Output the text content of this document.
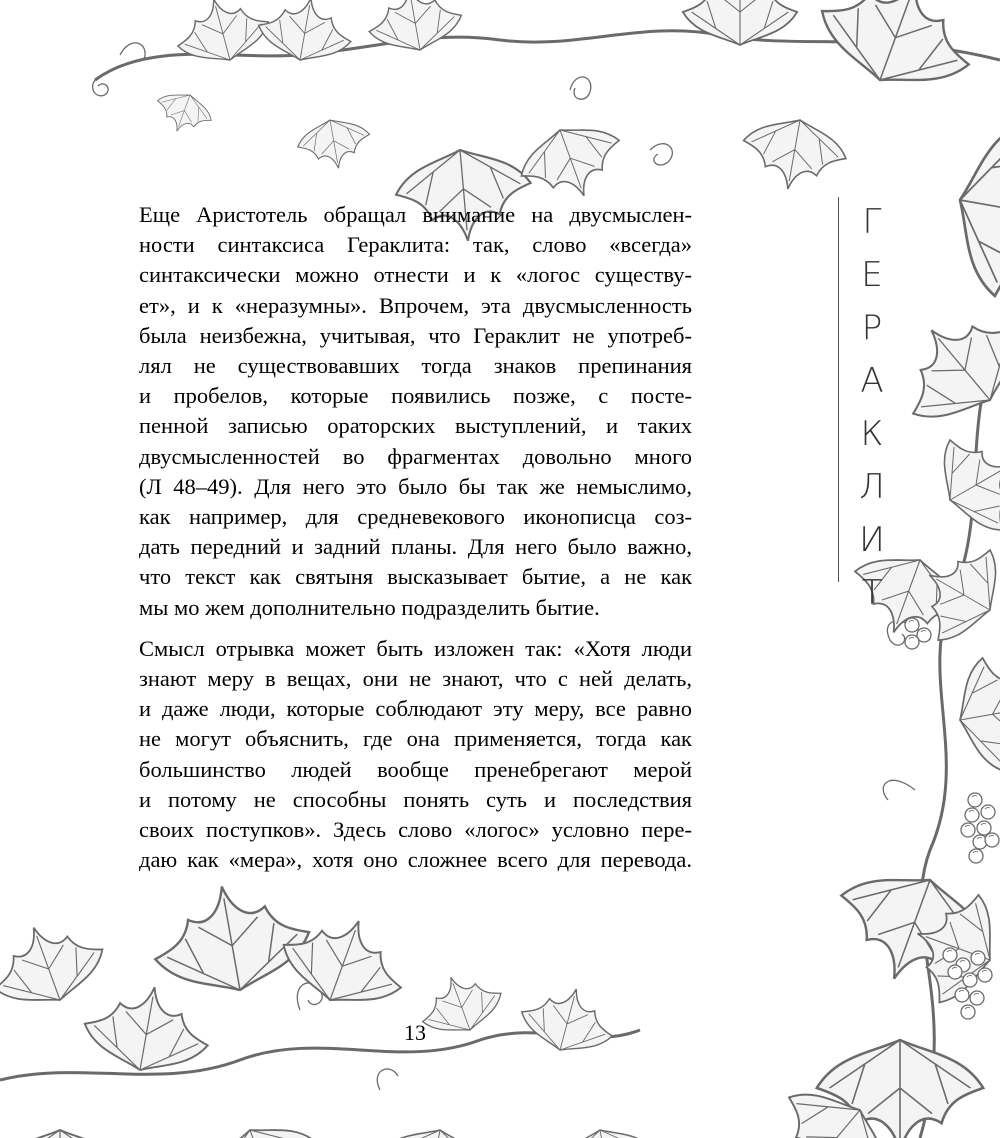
Г
Е
Р
А
К
Л
И
Т

Еще Аристотель обращал внимание на двусмыслен-
ности синтаксиса Гераклита: так, слово «всегда»
синтаксически можно отнести и к «логос существу-
ет», и к «неразумны». Впрочем, эта двусмысленность
была неизбежна, учитывая, что Гераклит не употреб-
лял не существовавших тогда знаков препинания
и пробелов, которые появились позже, с посте-
пенной записью ораторских выступлений, и таких
двусмысленностей во фрагментах довольно много
(Л 48–49). Для него это было бы так же немыслимо,
как например, для средневекового иконописца соз-
дать передний и задний планы. Для него было важно,
что текст как святыня высказывает бытие, а не как
мы мо жем дополнительно подразделить бытие.

Смысл отрывка может быть изложен так: «Хотя люди
знают меру в вещах, они не знают, что с ней делать,
и даже люди, которые соблюдают эту меру, все равно
не могут объяснить, где она применяется, тогда как
большинство людей вообще пренебрегают мерой
и потому не способны понять суть и последствия
своих поступков». Здесь слово «логос» условно пере-
даю как «мера», хотя оно сложнее всего для перевода.

13
